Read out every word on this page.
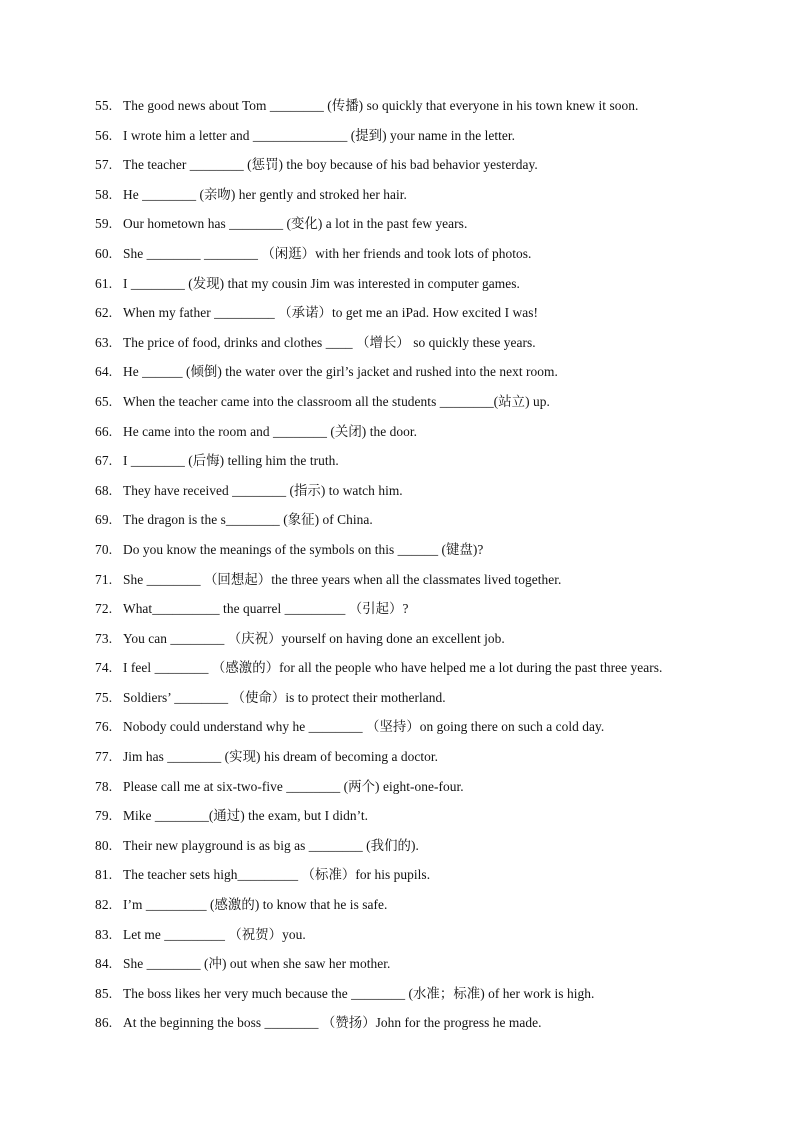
55. The good news about Tom ________ (传播) so quickly that everyone in his town knew it soon.
56. I wrote him a letter and ______________ (提到) your name in the letter.
57. The teacher ________ (惩罚) the boy because of his bad behavior yesterday.
58. He ________ (亲吻) her gently and stroked her hair.
59. Our hometown has ________ (变化) a lot in the past few years.
60. She ________ ________ （闲逛）with her friends and took lots of photos.
61. I ________ (发现) that my cousin Jim was interested in computer games.
62. When my father _________ （承诺）to get me an iPad. How excited I was!
63. The price of food, drinks and clothes ____ （增长） so quickly these years.
64. He ______ (倾倒) the water over the girl’s jacket and rushed into the next room.
65. When the teacher came into the classroom all the students ________(站立) up.
66. He came into the room and ________ (关闭) the door.
67. I ________ (后悔) telling him the truth.
68. They have received ________ (指示) to watch him.
69. The dragon is the s________ (象征) of China.
70. Do you know the meanings of the symbols on this ______ (键盘)?
71. She ________ （回想起）the three years when all the classmates lived together.
72. What__________ the quarrel _________ （引起）?
73. You can ________ （庆祝）yourself on having done an excellent job.
74. I feel ________ （感激的）for all the people who have helped me a lot during the past three years.
75. Soldiers’ ________ （使命）is to protect their motherland.
76. Nobody could understand why he ________ （坚持）on going there on such a cold day.
77. Jim has ________ (实现) his dream of becoming a doctor.
78. Please call me at six-two-five ________ (两个) eight-one-four.
79. Mike ________(通过) the exam, but I didn’t.
80. Their new playground is as big as ________ (我们的).
81. The teacher sets high_________ （标准）for his pupils.
82. I’m _________ (感激的) to know that he is safe.
83. Let me _________ （祝贺）you.
84. She ________ (冲) out when she saw her mother.
85. The boss likes her very much because the ________ (水准；标准) of her work is high.
86. At the beginning the boss ________ （赞扬）John for the progress he made.
